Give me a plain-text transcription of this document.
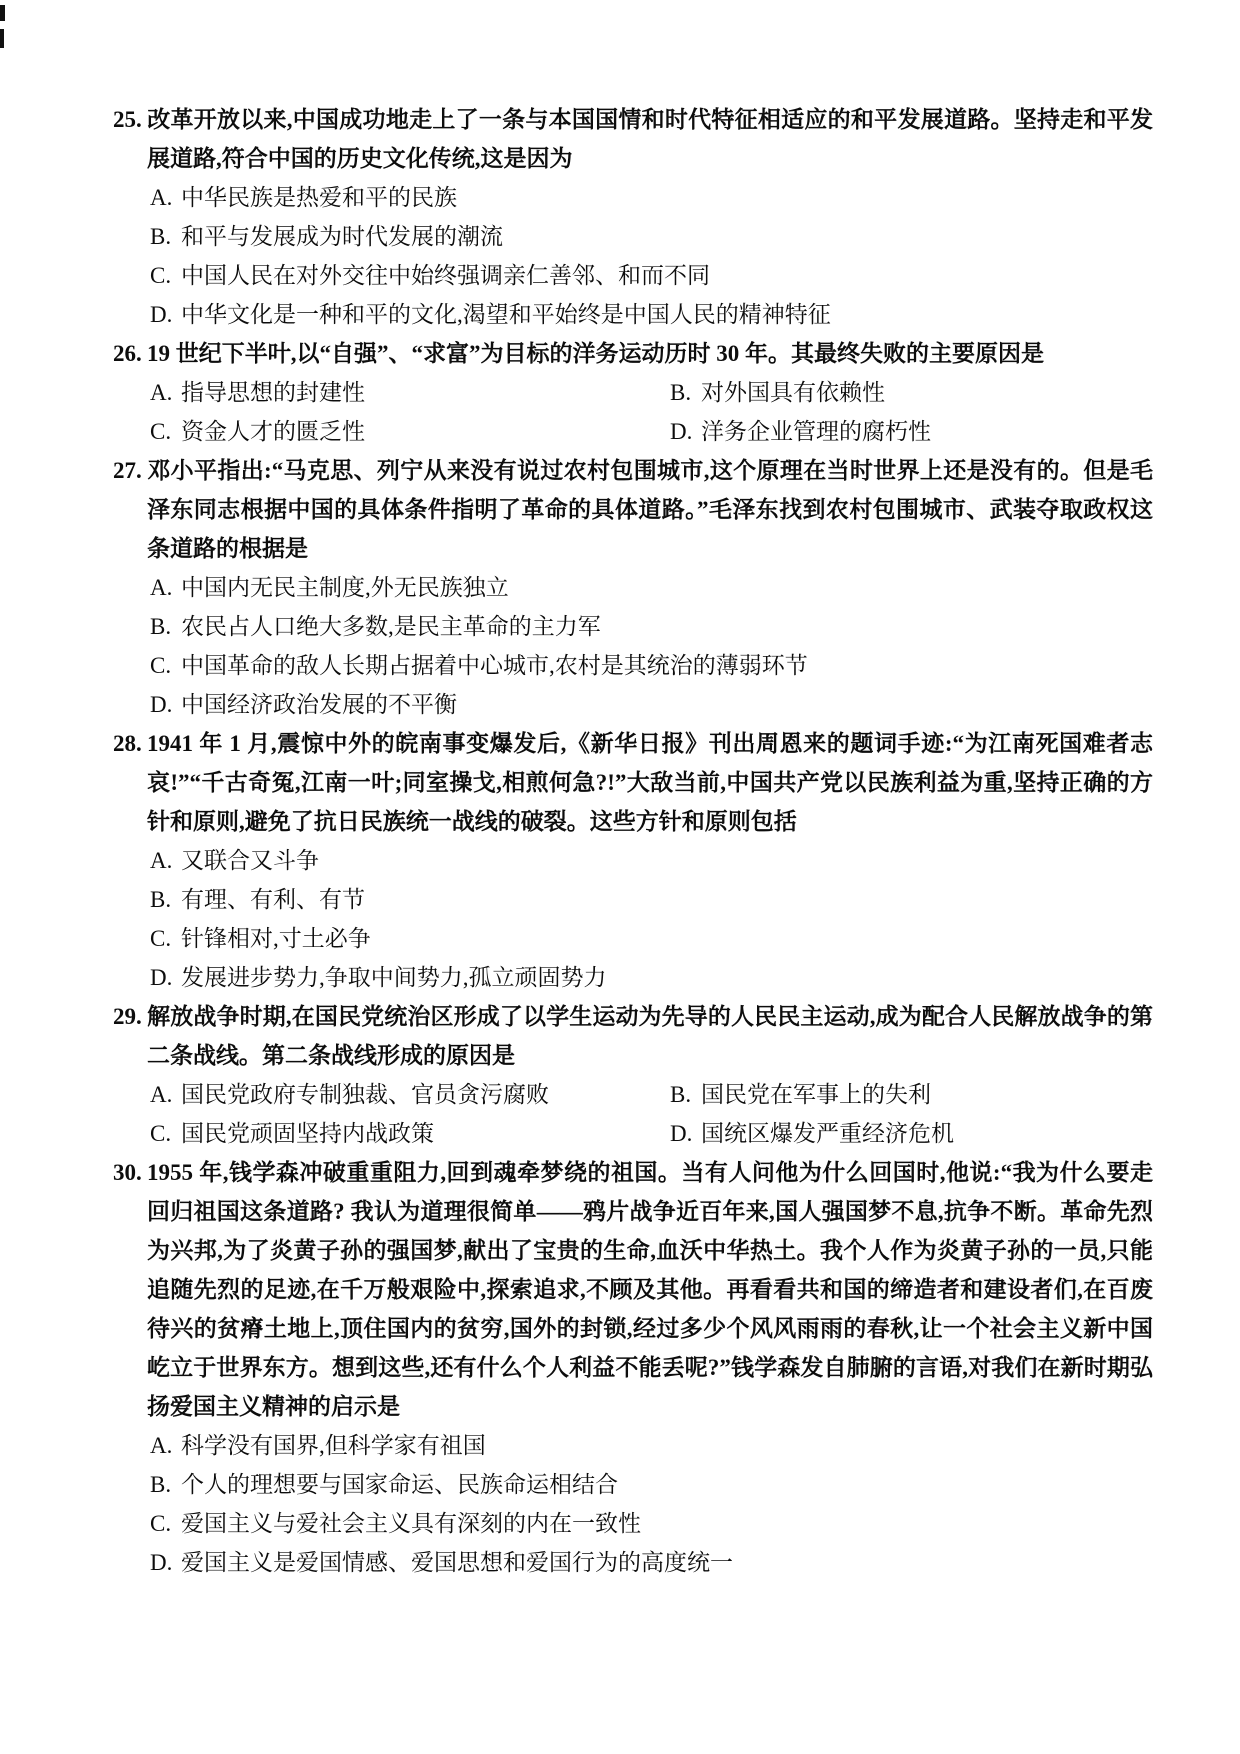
25. 改革开放以来,中国成功地走上了一条与本国国情和时代特征相适应的和平发展道路。坚持走和平发展道路,符合中国的历史文化传统,这是因为

A. 中华民族是热爱和平的民族
B. 和平与发展成为时代发展的潮流
C. 中国人民在对外交往中始终强调亲仁善邻、和而不同
D. 中华文化是一种和平的文化,渴望和平始终是中国人民的精神特征

26. 19 世纪下半叶,以“自强”、“求富”为目标的洋务运动历时 30 年。其最终失败的主要原因是

A. 指导思想的封建性	B. 对外国具有依赖性
C. 资金人才的匮乏性	D. 洋务企业管理的腐朽性

27. 邓小平指出:“马克思、列宁从来没有说过农村包围城市,这个原理在当时世界上还是没有的。但是毛泽东同志根据中国的具体条件指明了革命的具体道路。”毛泽东找到农村包围城市、武装夺取政权这条道路的根据是

A. 中国内无民主制度,外无民族独立
B. 农民占人口绝大多数,是民主革命的主力军
C. 中国革命的敌人长期占据着中心城市,农村是其统治的薄弱环节
D. 中国经济政治发展的不平衡

28. 1941 年 1 月,震惊中外的皖南事变爆发后,《新华日报》刊出周恩来的题词手迹:“为江南死国难者志哀!”“千古奇冤,江南一叶;同室操戈,相煎何急?!”大敌当前,中国共产党以民族利益为重,坚持正确的方针和原则,避免了抗日民族统一战线的破裂。这些方针和原则包括

A. 又联合又斗争
B. 有理、有利、有节
C. 针锋相对,寸土必争
D. 发展进步势力,争取中间势力,孤立顽固势力

29. 解放战争时期,在国民党统治区形成了以学生运动为先导的人民民主运动,成为配合人民解放战争的第二条战线。第二条战线形成的原因是

A. 国民党政府专制独裁、官员贪污腐败	B. 国民党在军事上的失利
C. 国民党顽固坚持内战政策	D. 国统区爆发严重经济危机

30. 1955 年,钱学森冲破重重阻力,回到魂牵梦绕的祖国。当有人问他为什么回国时,他说:“我为什么要走回归祖国这条道路? 我认为道理很简单——鸦片战争近百年来,国人强国梦不息,抗争不断。革命先烈为兴邦,为了炎黄子孙的强国梦,献出了宝贵的生命,血沃中华热土。我个人作为炎黄子孙的一员,只能追随先烈的足迹,在千万般艰险中,探索追求,不顾及其他。再看看共和国的缔造者和建设者们,在百废待兴的贫瘠土地上,顶住国内的贫穷,国外的封锁,经过多少个风风雨雨的春秋,让一个社会主义新中国屹立于世界东方。想到这些,还有什么个人利益不能丢呢?”钱学森发自肺腑的言语,对我们在新时期弘扬爱国主义精神的启示是

A. 科学没有国界,但科学家有祖国
B. 个人的理想要与国家命运、民族命运相结合
C. 爱国主义与爱社会主义具有深刻的内在一致性
D. 爱国主义是爱国情感、爱国思想和爱国行为的高度统一
